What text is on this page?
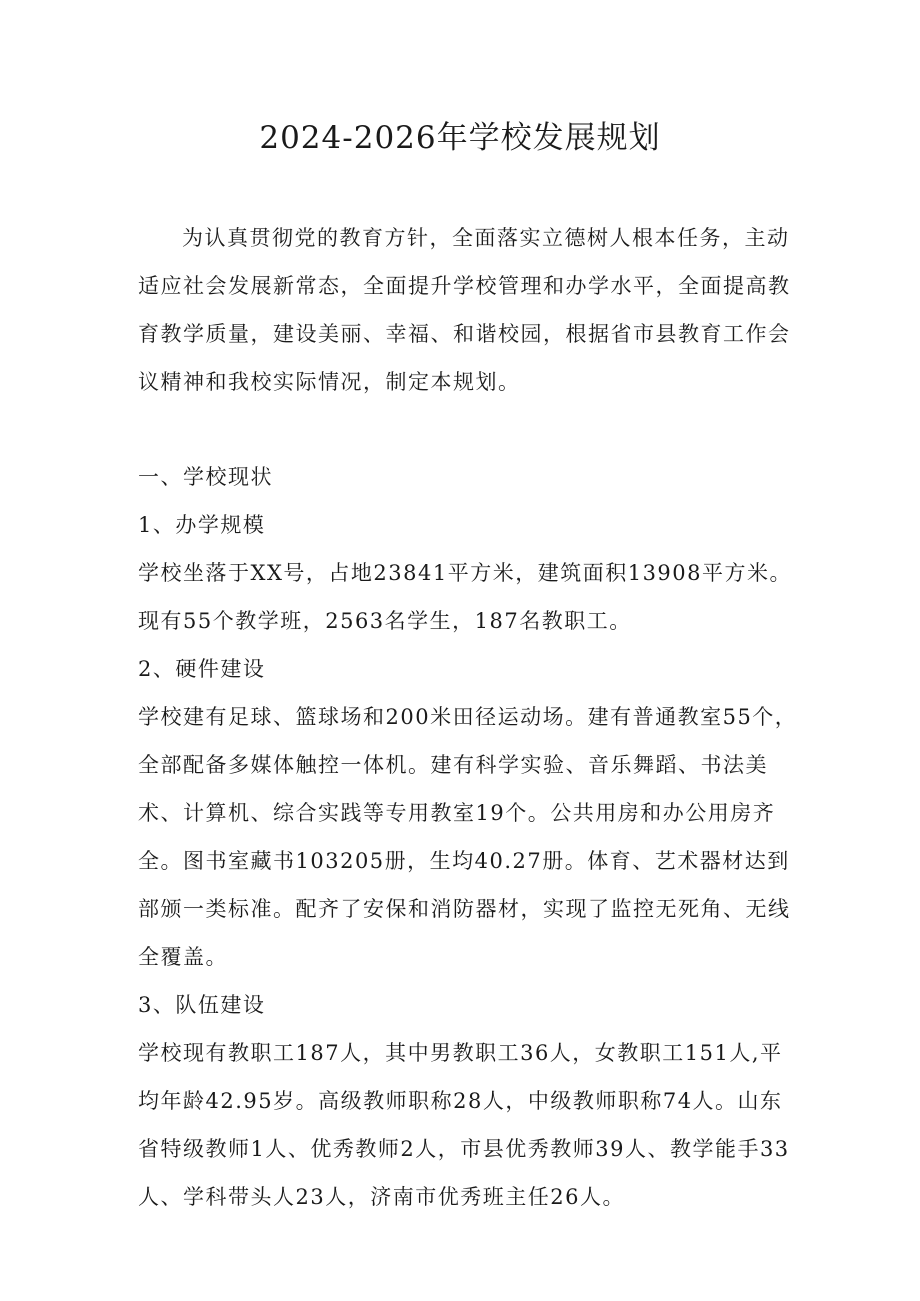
2024-2026年学校发展规划

为认真贯彻党的教育方针，全面落实立德树人根本任务，主动适应社会发展新常态，全面提升学校管理和办学水平，全面提高教育教学质量，建设美丽、幸福、和谐校园，根据省市县教育工作会议精神和我校实际情况，制定本规划。

一、学校现状

1、办学规模

学校坐落于XX号，占地23841平方米，建筑面积13908平方米。现有55个教学班，2563名学生，187名教职工。

2、硬件建设

学校建有足球、篮球场和200米田径运动场。建有普通教室55个，全部配备多媒体触控一体机。建有科学实验、音乐舞蹈、书法美术、计算机、综合实践等专用教室19个。公共用房和办公用房齐全。图书室藏书103205册，生均40.27册。体育、艺术器材达到部颁一类标准。配齐了安保和消防器材，实现了监控无死角、无线全覆盖。

3、队伍建设

学校现有教职工187人，其中男教职工36人，女教职工151人,平均年龄42.95岁。高级教师职称28人，中级教师职称74人。山东省特级教师1人、优秀教师2人，市县优秀教师39人、教学能手33人、学科带头人23人，济南市优秀班主任26人。
